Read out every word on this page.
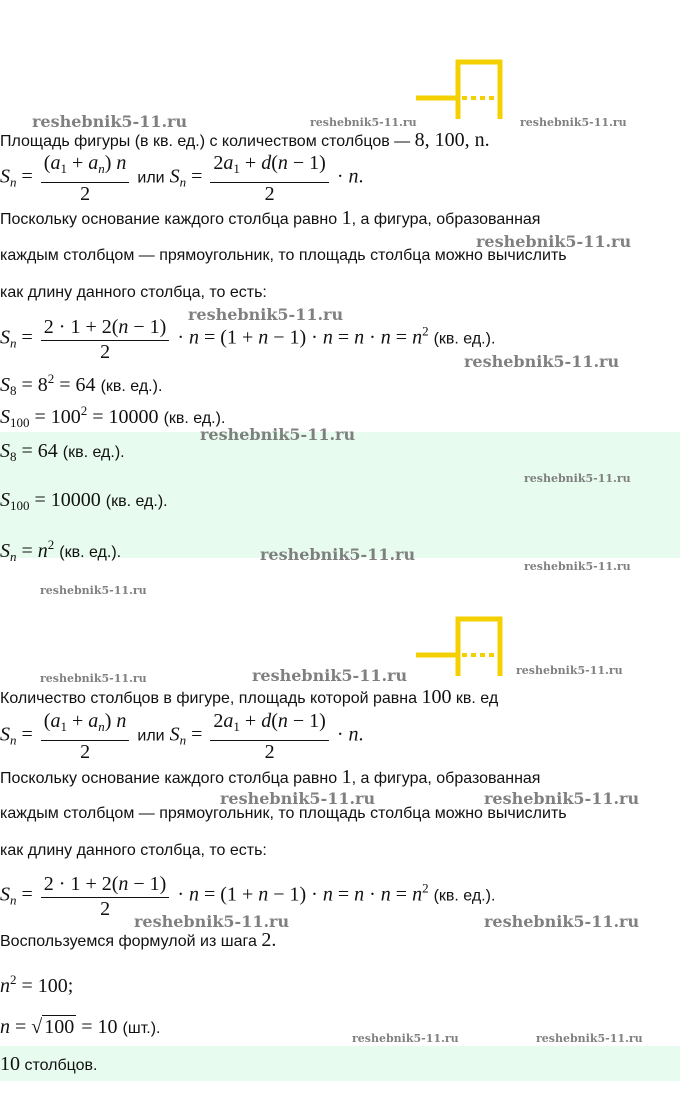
reshebnik5-11.ru	reshebnik5-11.ru	reshebnik5-11.ru
Площадь фигуры (в кв. ед.) с количеством столбцов — 8, 100, n.
$S_n = \frac{(a_1 + a_n) n}{2}$ или $S_n = \frac{2a_1 + d(n - 1)}{2} \cdot n$.
Поскольку основание каждого столбца равно 1, а фигура, образованная
reshebnik5-11.ru
каждым столбцом — прямоугольник, то площадь столбца можно вычислить
как длину данного столбца, то есть:
reshebnik5-11.ru
$S_n = \frac{2 \cdot 1 + 2(n - 1)}{2} \cdot n = (1 + n - 1) \cdot n = n \cdot n = n^2$ (кв. ед.).
reshebnik5-11.ru
$S_8 = 8^2 = 64$ (кв. ед.).
$S_{100} = 100^2 = 10000$ (кв. ед.).
reshebnik5-11.ru
$S_8 = 64$ (кв. ед.).
reshebnik5-11.ru
$S_{100} = 10000$ (кв. ед.).
$S_n = n^2$ (кв. ед.).	reshebnik5-11.ru
reshebnik5-11.ru
reshebnik5-11.ru
reshebnik5-11.ru	reshebnik5-11.ru	reshebnik5-11.ru
Количество столбцов в фигуре, площадь которой равна 100 кв. ед
$S_n = \frac{(a_1 + a_n) n}{2}$ или $S_n = \frac{2a_1 + d(n - 1)}{2} \cdot n$.
Поскольку основание каждого столбца равно 1, а фигура, образованная
reshebnik5-11.ru	reshebnik5-11.ru
каждым столбцом — прямоугольник, то площадь столбца можно вычислить
как длину данного столбца, то есть:
$S_n = \frac{2 \cdot 1 + 2(n - 1)}{2} \cdot n = (1 + n - 1) \cdot n = n \cdot n = n^2$ (кв. ед.).
reshebnik5-11.ru	reshebnik5-11.ru
Воспользуемся формулой из шага 2.
$n^2 = 100$;
n = √ 100 = 10 (шт.).
reshebnik5-11.ru	reshebnik5-11.ru
10 столбцов.
